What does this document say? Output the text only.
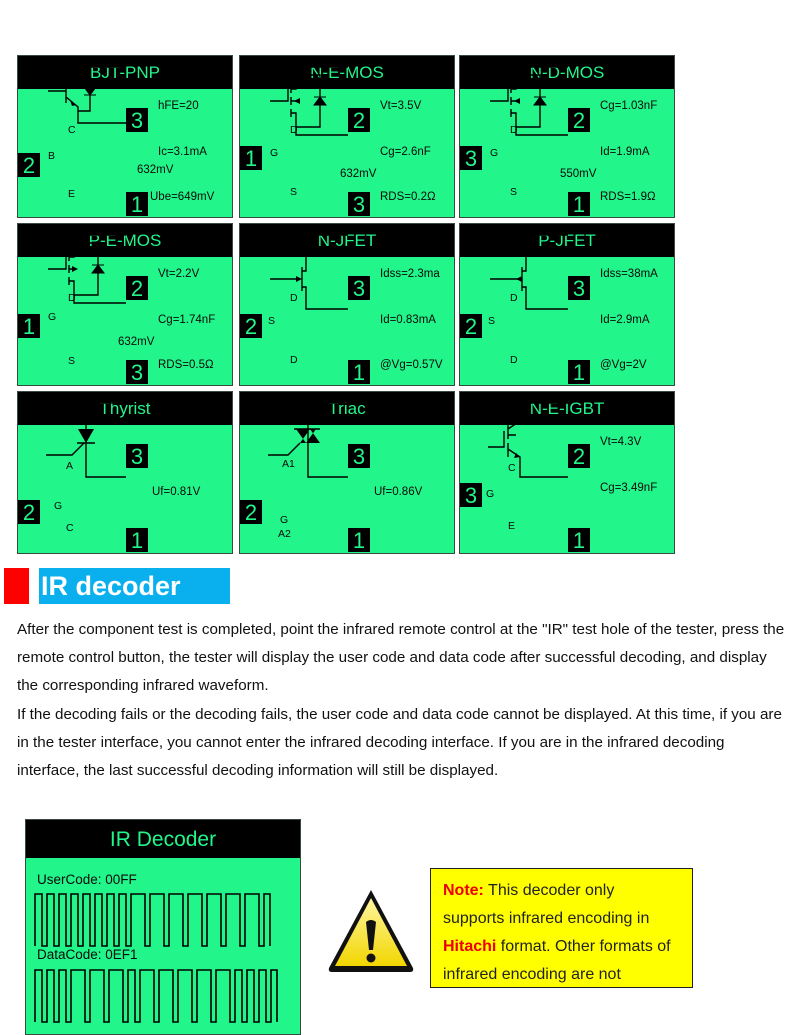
BJT-PNP
2
3
1
C
B
E
hFE=20
Ic=3.1mA
Ube=649mV
632mV
N-E-MOS
1
2
3
D
G
S
Vt=3.5V
Cg=2.6nF
RDS=0.2Ω
632mV
N-D-MOS
3
2
1
D
G
S
Cg=1.03nF
Id=1.9mA
RDS=1.9Ω
550mV
P-E-MOS
1
2
3
D
G
S
Vt=2.2V
Cg=1.74nF
RDS=0.5Ω
632mV
N-JFET
2
3
1
D
S
D
Idss=2.3ma
Id=0.83mA
@Vg=0.57V
P-JFET
2
3
1
D
S
D
Idss=38mA
Id=2.9mA
@Vg=2V
Thyrist
2
3
1
A
G
C
Uf=0.81V
Triac
2
3
1
A1
G
A2
Uf=0.86V
N-E-IGBT
3
2
1
C
G
E
Vt=4.3V
Cg=3.49nF
IR decoder

After the component test is completed, point the infrared remote control at the "IR" test hole of the tester, press the remote control button, the tester will display the user code and data code after successful decoding, and display the corresponding infrared waveform.

If the decoding fails or the decoding fails, the user code and data code cannot be displayed. At this time, if you are in the tester interface, you cannot enter the infrared decoding interface. If you are in the infrared decoding interface, the last successful decoding information will still be displayed.

IR Decoder
UserCode: 00FF
DataCode: 0EF1
Note: This decoder only supports infrared encoding in Hitachi format. Other formats of infrared encoding are not
